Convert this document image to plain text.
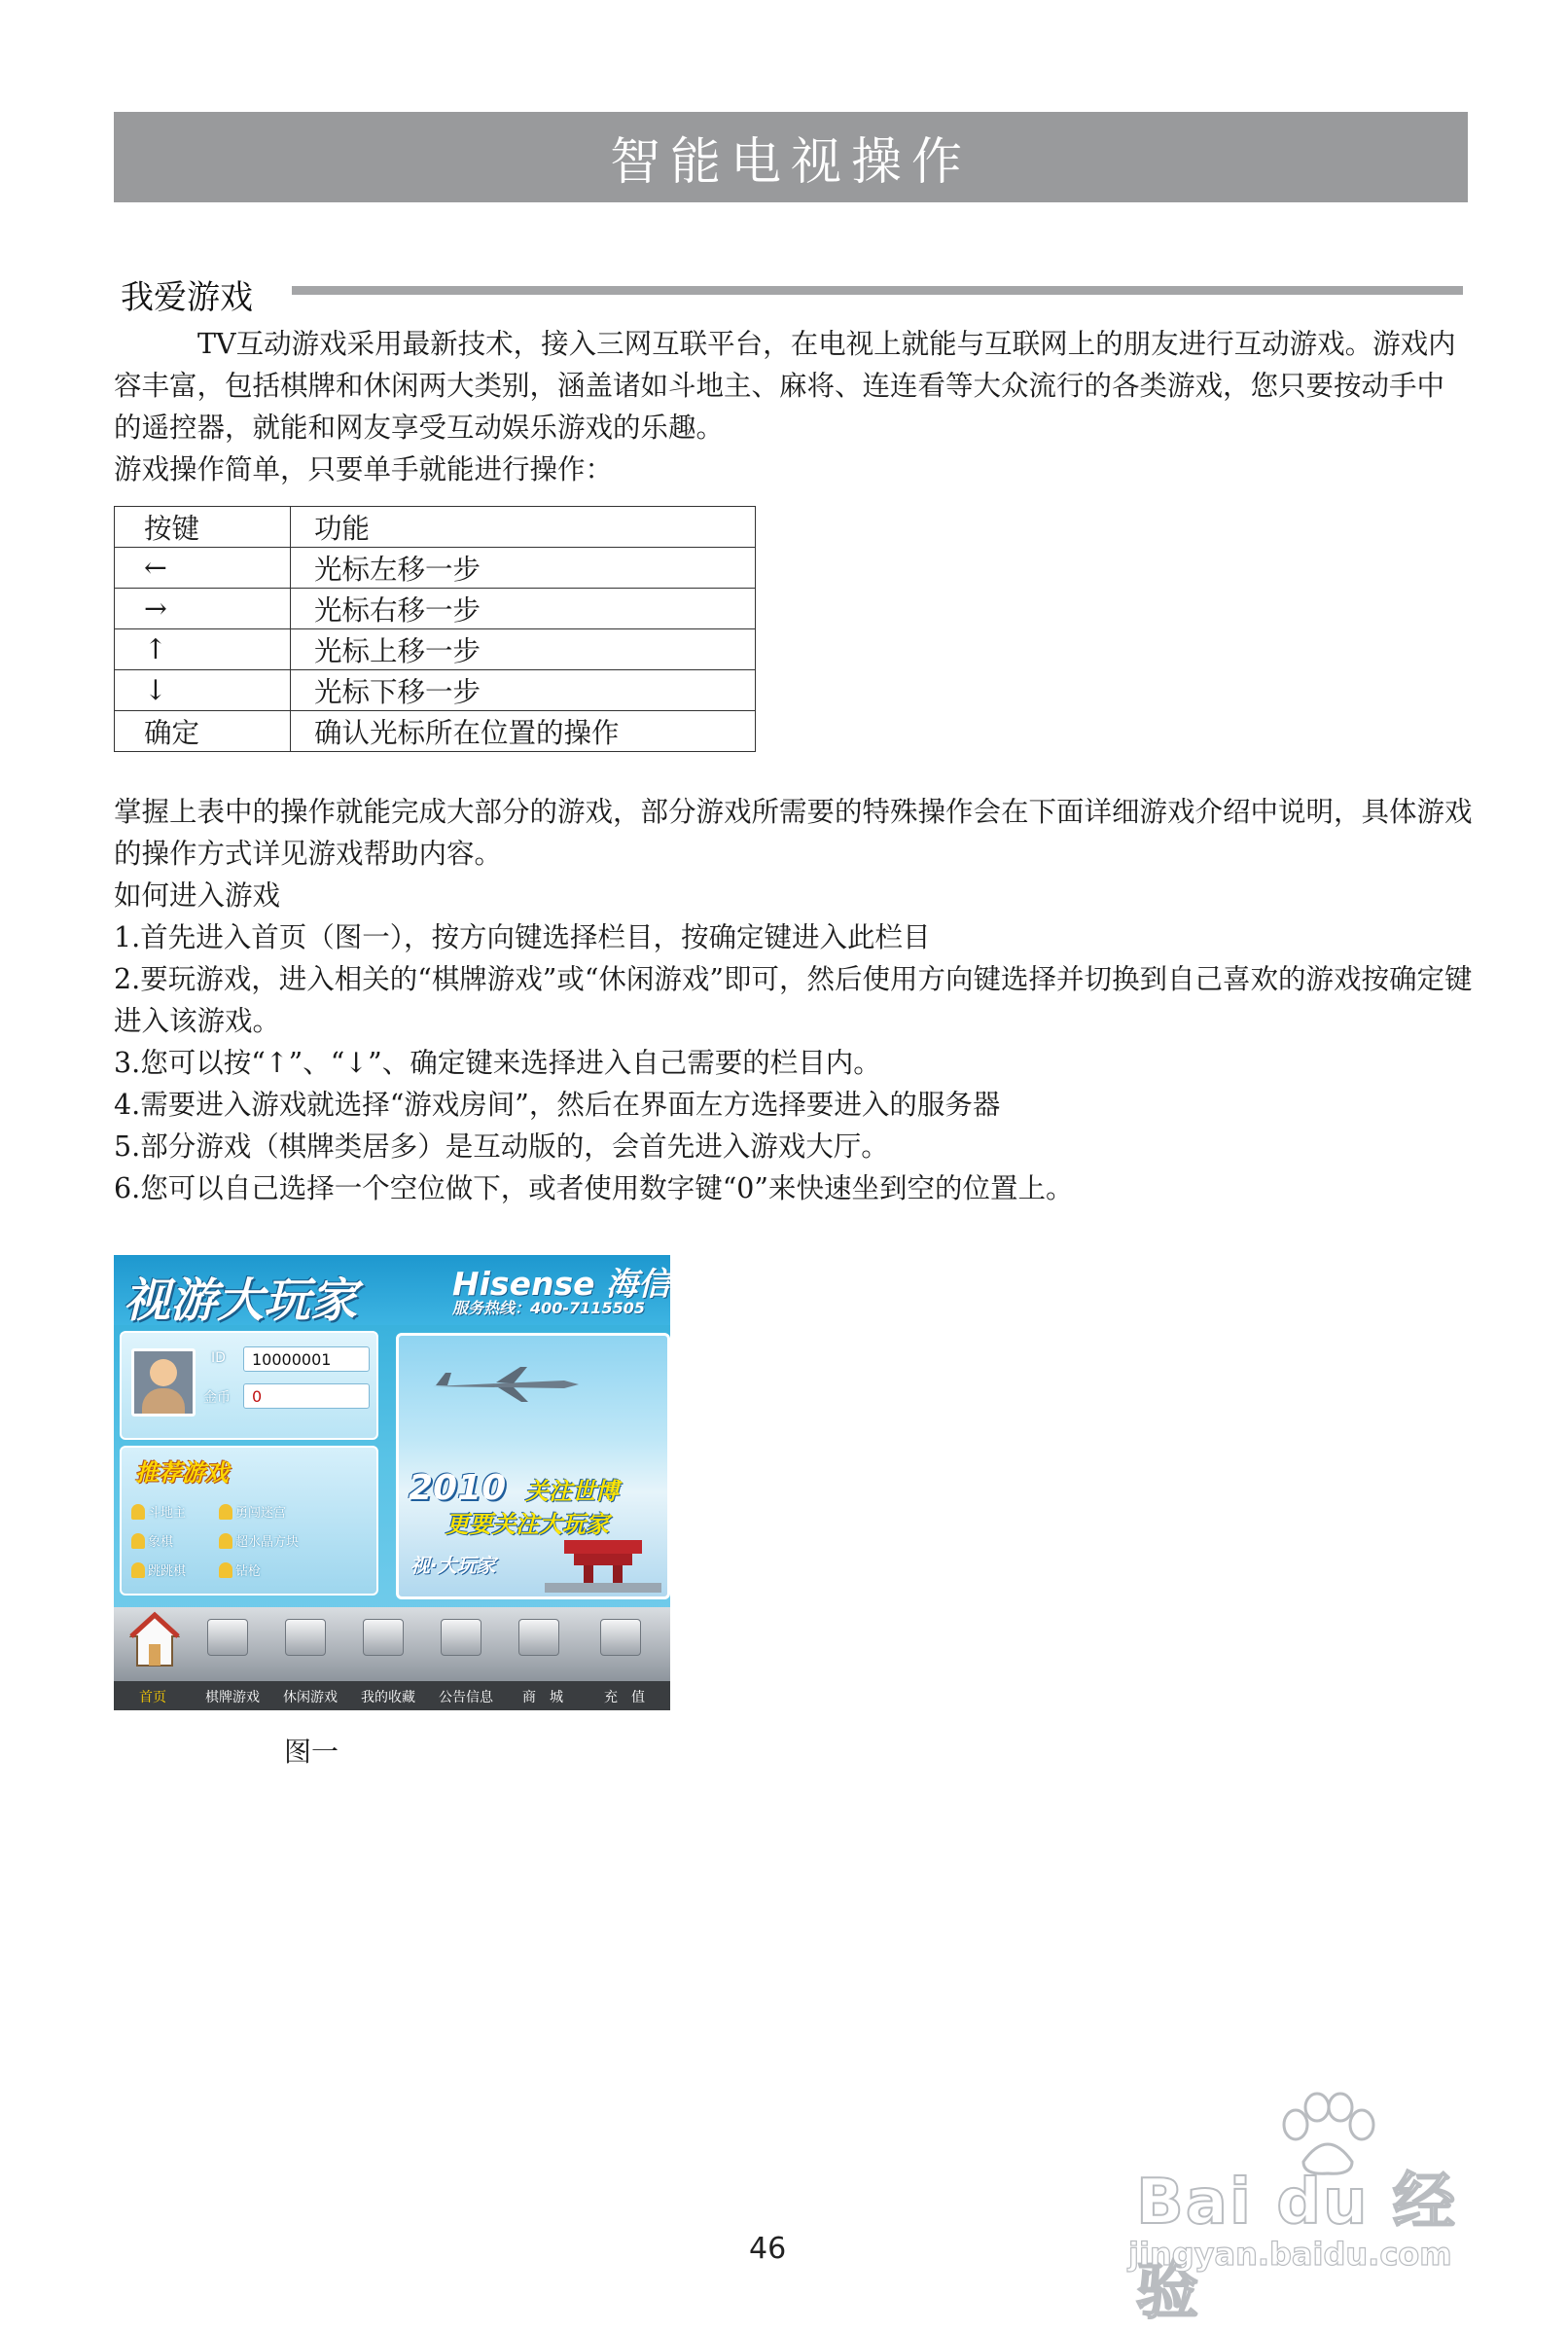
智能电视操作
我爱游戏
TV互动游戏采用最新技术，接入三网互联平台，在电视上就能与互联网上的朋友进行互动游戏。游戏内容丰富，包括棋牌和休闲两大类别，涵盖诸如斗地主、麻将、连连看等大众流行的各类游戏，您只要按动手中的遥控器，就能和网友享受互动娱乐游戏的乐趣。
游戏操作简单，只要单手就能进行操作：
按键	功能
←	光标左移一步
→	光标右移一步
↑	光标上移一步
↓	光标下移一步
确定	确认光标所在位置的操作
掌握上表中的操作就能完成大部分的游戏，部分游戏所需要的特殊操作会在下面详细游戏介绍中说明，具体游戏的操作方式详见游戏帮助内容。
如何进入游戏
1.首先进入首页（图一），按方向键选择栏目，按确定键进入此栏目
2.要玩游戏，进入相关的“棋牌游戏”或“休闲游戏”即可，然后使用方向键选择并切换到自己喜欢的游戏按确定键进入该游戏。
3.您可以按“↑”、“↓”、确定键来选择进入自己需要的栏目内。
4.需要进入游戏就选择“游戏房间”，然后在界面左方选择要进入的服务器
5.部分游戏（棋牌类居多）是互动版的，会首先进入游戏大厅。
6.您可以自己选择一个空位做下，或者使用数字键“0”来快速坐到空的位置上。
视游大玩家	Hisense 海信
服务热线：400-7115505
ID	10000001
金币	0
推荐游戏
斗地主	勇闯迷宫
象棋	超水晶方块
跳跳棋	钻枪
2010 关注世博
更要关注大玩家
视·大玩家
首页	棋牌游戏 休闲游戏 我的收藏 公告信息 商　城	充　值
图一
46
Bai du 经验
jingyan.baidu.com
